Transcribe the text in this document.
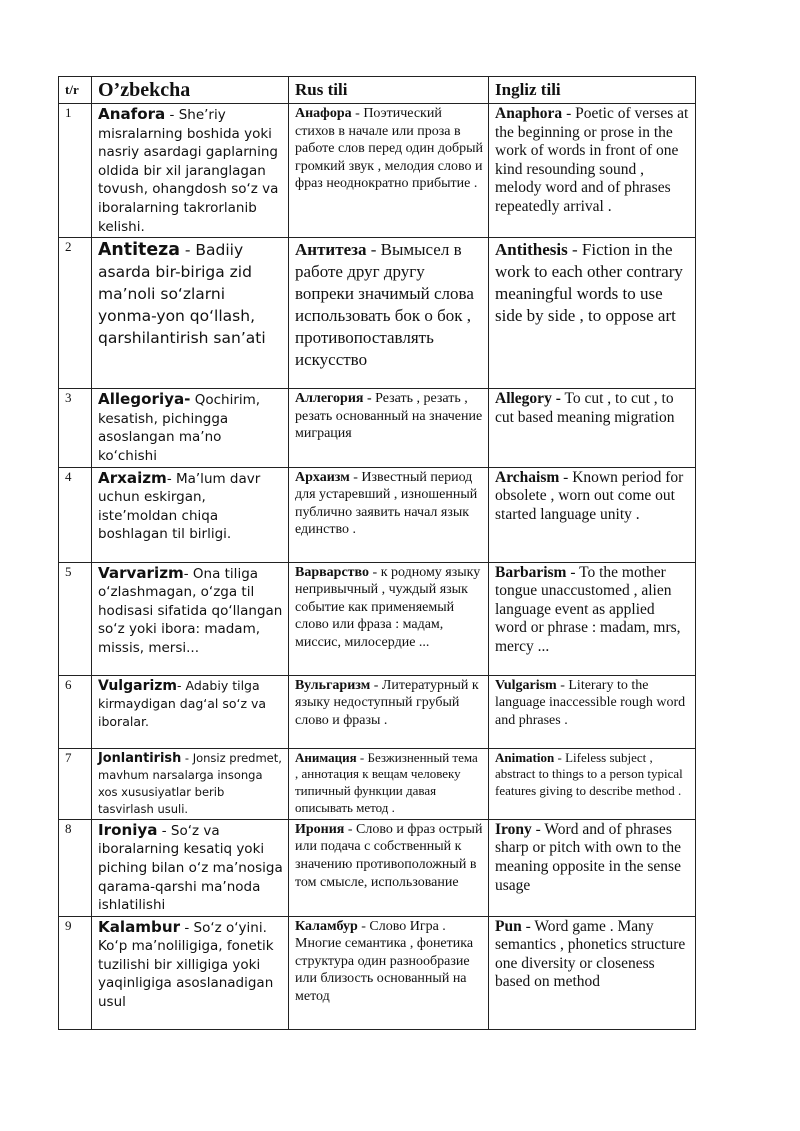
t/r	O’zbekcha	Rus tili	Ingliz tili
1	Anafora - She’riy misralarning boshida yoki nasriy asardagi gaplarning oldida bir xil jaranglagan tovush, ohangdosh so‘z va iboralarning takrorlanib kelishi.	Анафора - Поэтический стихов в начале или проза в работе слов перед один добрый громкий звук , мелодия слово и фраз неоднократно прибытие .	Anaphora - Poetic of verses at the beginning or prose in the work of words in front of one kind resounding sound , melody word and of phrases repeatedly arrival .
2	Antiteza - Badiiy asarda bir-biriga zid ma’noli so‘zlarni yonma-yon qo‘llash, qarshilantirish san’ati	Антитеза - Вымысел в работе друг другу вопреки значимый слова использовать бок о бок , противопоставлять искусство	Antithesis - Fiction in the work to each other contrary meaningful words to use side by side , to oppose art
3	Allegoriya- Qochirim, kesatish, pichingga asoslangan ma’no ko‘chishi	Аллегория - Резать , резать , резать основанный на значение миграция	Allegory - To cut , to cut , to cut based meaning migration
4	Arxaizm- Ma’lum davr uchun eskirgan, iste’moldan chiqa boshlagan til birligi.	Архаизм - Известный период для устаревший , изношенный публично заявить начал язык единство .	Archaism - Known period for obsolete , worn out come out started language unity .
5	Varvarizm- Ona tiliga o‘zlashmagan, o‘zga til hodisasi sifatida qo‘llangan so‘z yoki ibora: madam, missis, mersi...	Варварство - к родному языку непривычный , чуждый язык событие как применяемый слово или фраза : мадам, миссис, милосердие ...	Barbarism - To the mother tongue unaccustomed , alien language event as applied word or phrase : madam, mrs, mercy ...
6	Vulgarizm- Adabiy tilga kirmaydigan dag‘al so‘z va iboralar.	Вульгаризм - Литературный к языку недоступный грубый слово и фразы .	Vulgarism - Literary to the language inaccessible rough word and phrases .
7	Jonlantirish - Jonsiz predmet, mavhum narsalarga insonga xos xususiyatlar berib tasvirlash usuli.	Анимация - Безжизненный тема , аннотация к вещам человеку типичный функции давая описывать метод .	Animation - Lifeless subject , abstract to things to a person typical features giving to describe method .
8	Ironiya - So‘z va iboralarning kesatiq yoki piching bilan o‘z ma’nosiga qarama-qarshi ma’noda ishlatilishi	Ирония - Слово и фраз острый или подача с собственный к значению противоположный в том смысле, использование	Irony - Word and of phrases sharp or pitch with own to the meaning opposite in the sense usage
9	Kalambur - So‘z o‘yini. Ko‘p ma’noliligiga, fonetik tuzilishi bir xilligiga yoki yaqinligiga asoslanadigan usul	Каламбур - Слово Игра . Многие семантика , фонетика структура один разнообразие или близость основанный на метод	Pun - Word game . Many semantics , phonetics structure one diversity or closeness based on method
